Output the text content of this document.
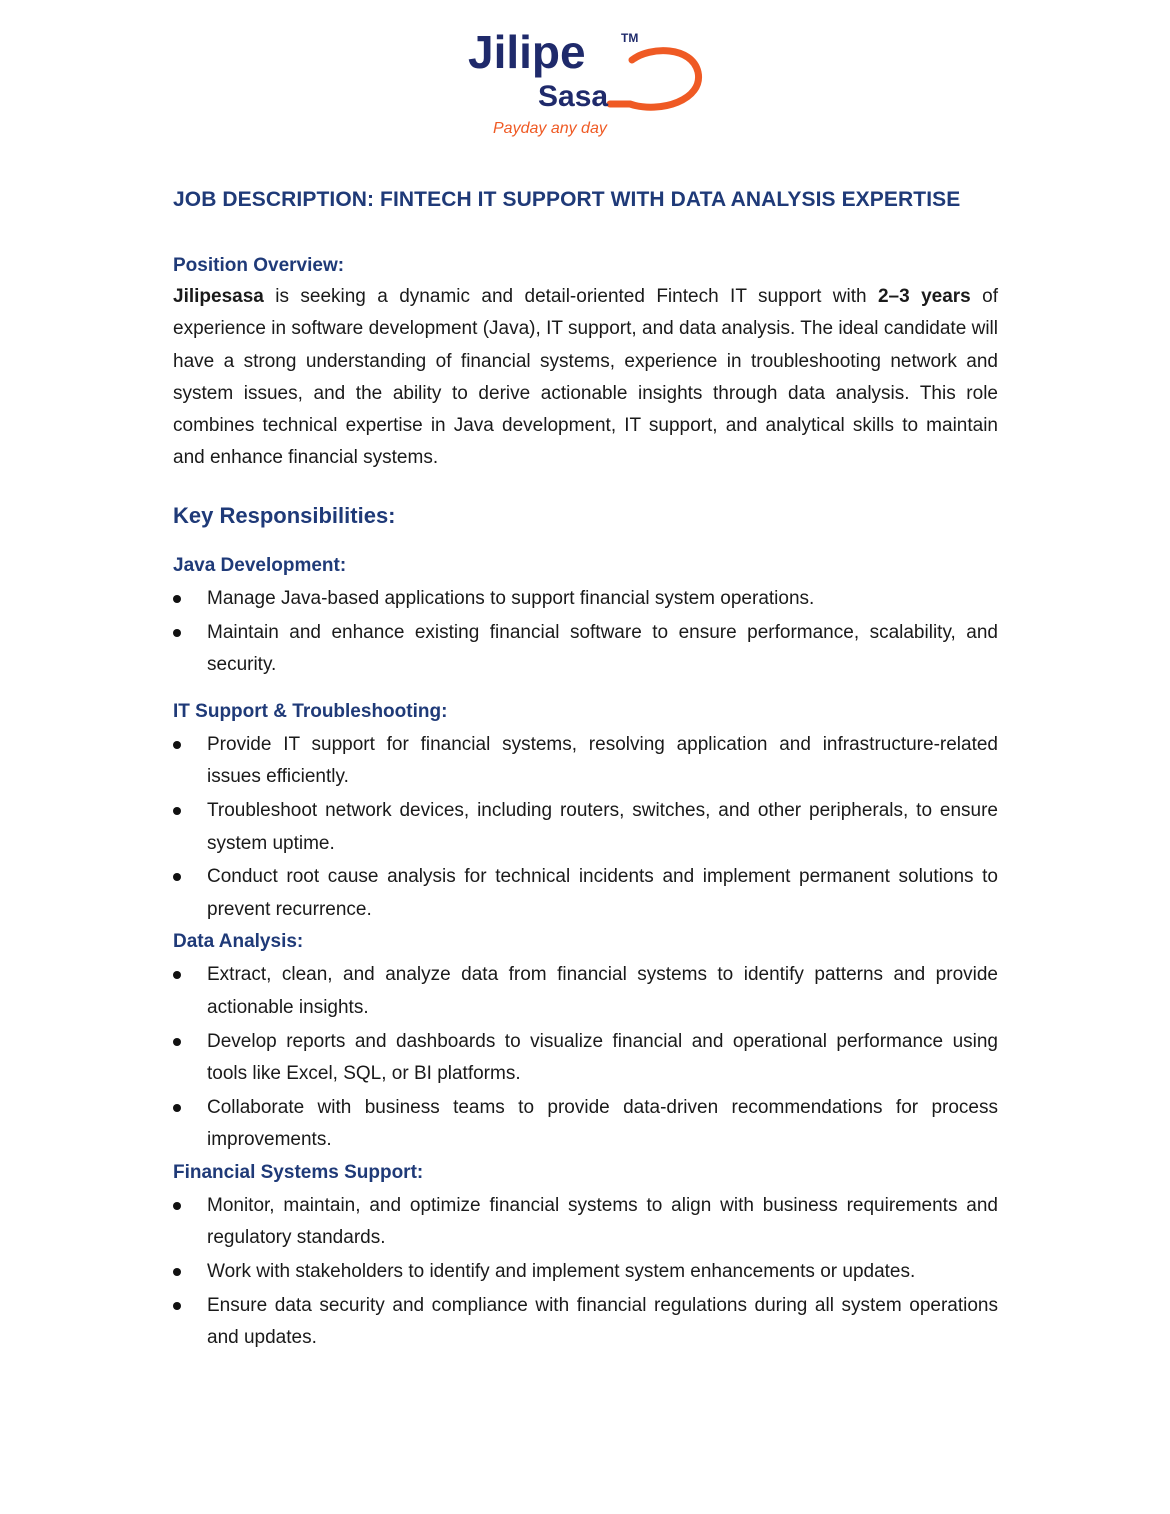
Jilipe	TM
Sasa
Payday any day
JOB DESCRIPTION: FINTECH IT SUPPORT WITH DATA ANALYSIS EXPERTISE
Position Overview:

Jilipesasa is seeking a dynamic and detail-oriented Fintech IT support with 2–3 years of experience in software development (Java), IT support, and data analysis. The ideal candidate will have a strong understanding of financial systems, experience in troubleshooting network and system issues, and the ability to derive actionable insights through data analysis. This role combines technical expertise in Java development, IT support, and analytical skills to maintain and enhance financial systems.

Key Responsibilities:
Java Development:
Manage Java-based applications to support financial system operations.
Maintain and enhance existing financial software to ensure performance, scalability, and security.
IT Support & Troubleshooting:
Provide IT support for financial systems, resolving application and infrastructure-related issues efficiently.
Troubleshoot network devices, including routers, switches, and other peripherals, to ensure system uptime.
Conduct root cause analysis for technical incidents and implement permanent solutions to prevent recurrence.
Data Analysis:
Extract, clean, and analyze data from financial systems to identify patterns and provide actionable insights.
Develop reports and dashboards to visualize financial and operational performance using tools like Excel, SQL, or BI platforms.
Collaborate with business teams to provide data-driven recommendations for process improvements.
Financial Systems Support:
Monitor, maintain, and optimize financial systems to align with business requirements and regulatory standards.
Work with stakeholders to identify and implement system enhancements or updates.
Ensure data security and compliance with financial regulations during all system operations and updates.
